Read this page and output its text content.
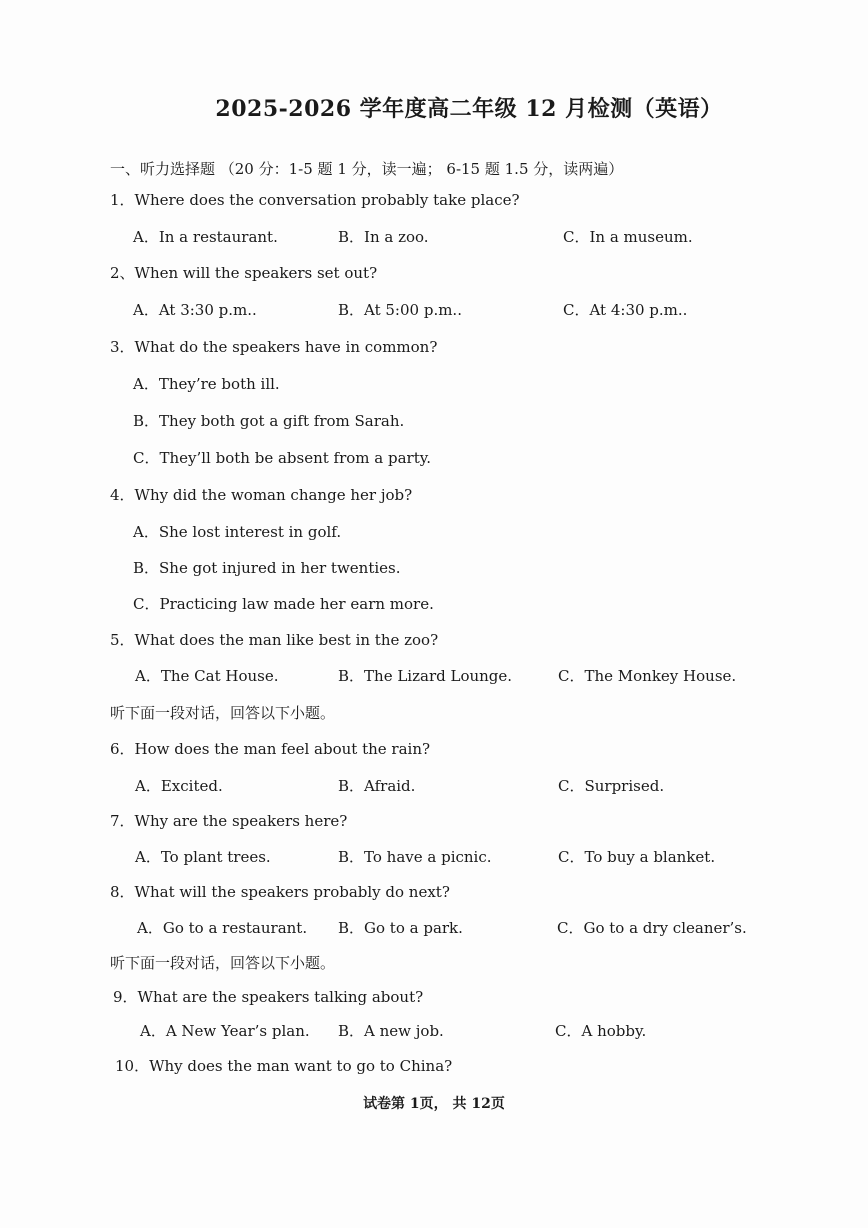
2025-2026 学年度高二年级 12 月检测（英语）
一、听力选择题 （20 分：1-5 题 1 分，读一遍； 6-15 题 1.5 分，读两遍）
1．Where does the conversation probably take place?
A．In a restaurant.	B．In a zoo.	C．In a museum.
2、When will the speakers set out?
A．At 3:30 p.m..	B．At 5:00 p.m..	C．At 4:30 p.m..
3．What do the speakers have in common?
A．They’re both ill.
B．They both got a gift from Sarah.
C．They’ll both be absent from a party.
4．Why did the woman change her job?
A．She lost interest in golf.
B．She got injured in her twenties.
C．Practicing law made her earn more.
5．What does the man like best in the zoo?
A．The Cat House.	B．The Lizard Lounge.	C．The Monkey House.
听下面一段对话，回答以下小题。
6．How does the man feel about the rain?
A．Excited.	B．Afraid.	C．Surprised.
7．Why are the speakers here?
A．To plant trees.	B．To have a picnic.	C．To buy a blanket.
8．What will the speakers probably do next?
A．Go to a restaurant. B．Go to a park.	C．Go to a dry cleaner’s.
听下面一段对话，回答以下小题。
9．What are the speakers talking about?
A．A New Year’s plan. B．A new job.	C．A hobby.
10．Why does the man want to go to China?
试卷第 1页， 共 12页
